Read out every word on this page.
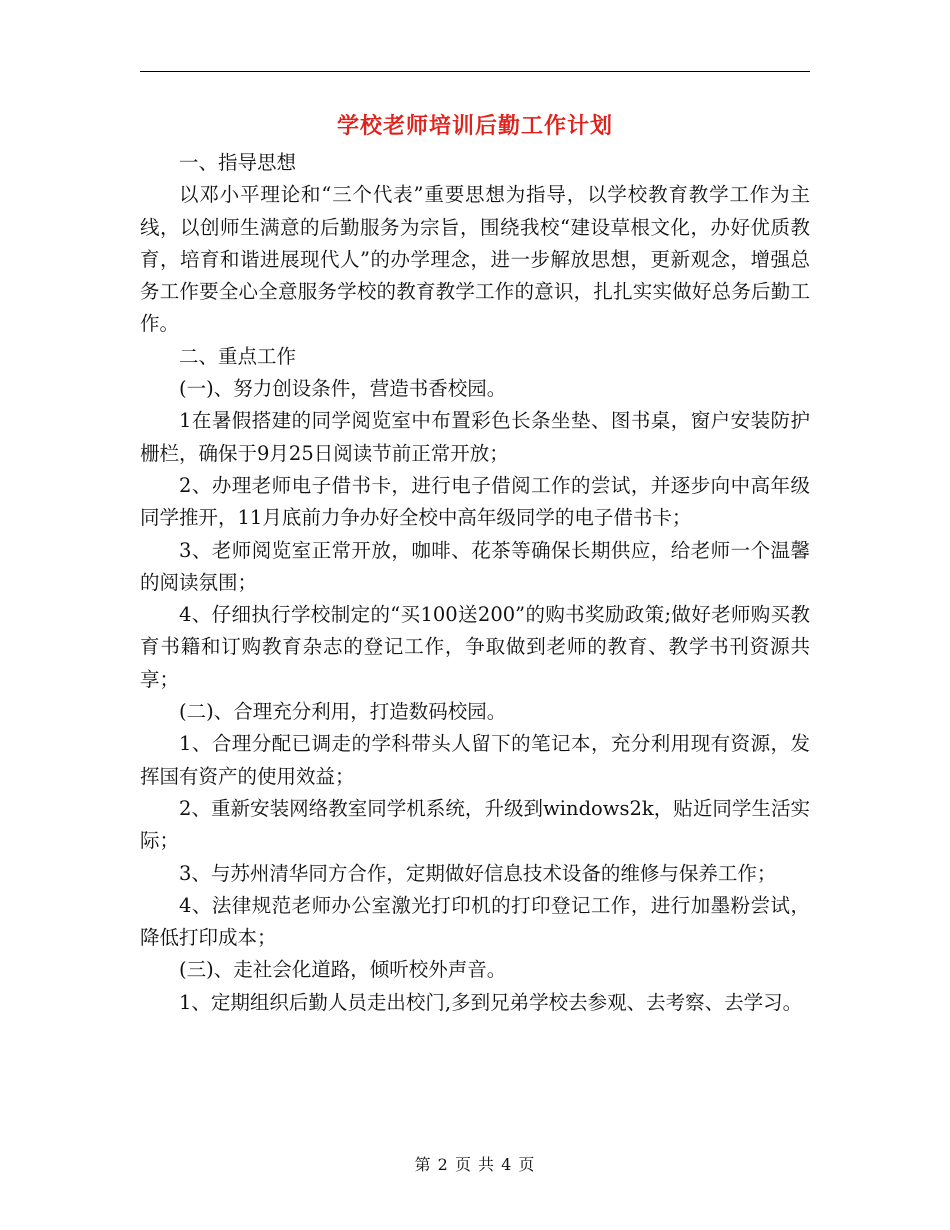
学校老师培训后勤工作计划

一、指导思想

以邓小平理论和“三个代表”重要思想为指导，以学校教育教学工作为主线，以创师生满意的后勤服务为宗旨，围绕我校“建设草根文化，办好优质教育，培育和谐进展现代人”的办学理念，进一步解放思想，更新观念，增强总务工作要全心全意服务学校的教育教学工作的意识，扎扎实实做好总务后勤工作。

二、重点工作

(一)、努力创设条件，营造书香校园。

1在暑假搭建的同学阅览室中布置彩色长条坐垫、图书桌，窗户安装防护栅栏，确保于9月25日阅读节前正常开放；

2、办理老师电子借书卡，进行电子借阅工作的尝试，并逐步向中高年级同学推开，11月底前力争办好全校中高年级同学的电子借书卡；

3、老师阅览室正常开放，咖啡、花茶等确保长期供应，给老师一个温馨的阅读氛围；

4、仔细执行学校制定的“买100送200”的购书奖励政策;做好老师购买教育书籍和订购教育杂志的登记工作，争取做到老师的教育、教学书刊资源共享；

(二)、合理充分利用，打造数码校园。

1、合理分配已调走的学科带头人留下的笔记本，充分利用现有资源，发挥国有资产的使用效益；

2、重新安装网络教室同学机系统，升级到windows2k，贴近同学生活实际；

3、与苏州清华同方合作，定期做好信息技术设备的维修与保养工作；

4、法律规范老师办公室激光打印机的打印登记工作，进行加墨粉尝试，降低打印成本；

(三)、走社会化道路，倾听校外声音。

1、定期组织后勤人员走出校门,多到兄弟学校去参观、去考察、去学习。

第 2 页 共 4 页
